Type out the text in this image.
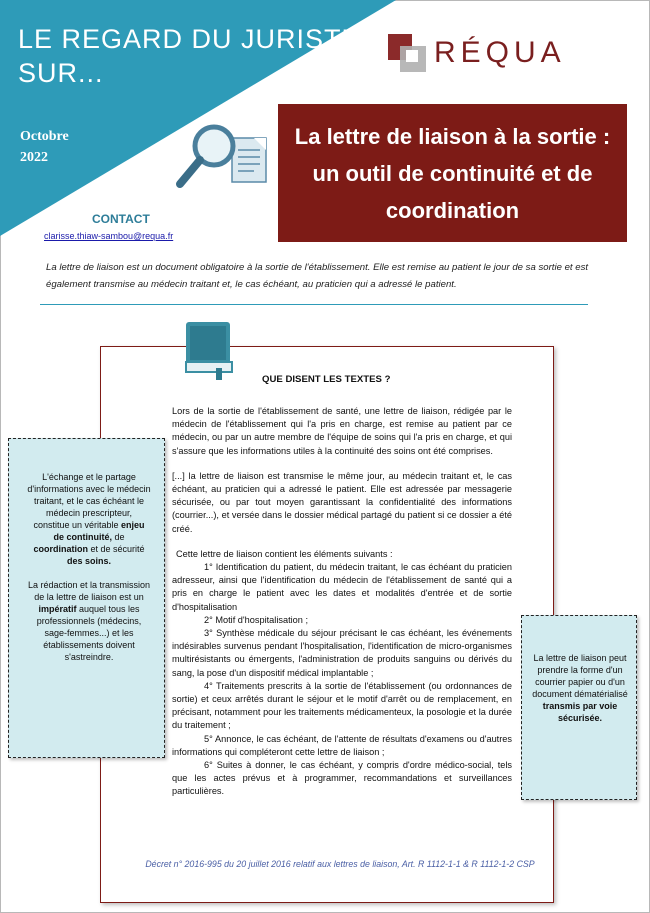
LE REGARD DU JURISTE
SUR...
Octobre
2022
RÉQUA
La lettre de liaison à la sortie : un outil de continuité et de coordination
CONTACT
clarisse.thiaw-sambou@requa.fr
La lettre de liaison est un document obligatoire à la sortie de l'établissement. Elle est remise au patient le jour de sa sortie et est également transmise au médecin traitant et, le cas échéant, au praticien qui a adressé le patient.
QUE DISENT LES TEXTES ?

Lors de la sortie de l'établissement de santé, une lettre de liaison, rédigée par le médecin de l'établissement qui l'a pris en charge, est remise au patient par ce médecin, ou par un autre membre de l'équipe de soins qui l'a pris en charge, et qui s'assure que les informations utiles à la continuité des soins ont été comprises.

[...] la lettre de liaison est transmise le même jour, au médecin traitant et, le cas échéant, au praticien qui a adressé le patient. Elle est adressée par messagerie sécurisée, ou par tout moyen garantissant la confidentialité des informations (courrier...), et versée dans le dossier médical partagé du patient si ce dossier a été créé.

Cette lettre de liaison contient les éléments suivants :

1° Identification du patient, du médecin traitant, le cas échéant du praticien adresseur, ainsi que l'identification du médecin de l'établissement de santé qui a pris en charge le patient avec les dates et modalités d'entrée et de sortie d'hospitalisation

2° Motif d'hospitalisation ;

3° Synthèse médicale du séjour précisant le cas échéant, les événements indésirables survenus pendant l'hospitalisation, l'identification de micro-organismes multirésistants ou émergents, l'administration de produits sanguins ou dérivés du sang, la pose d'un dispositif médical implantable ;

4° Traitements prescrits à la sortie de l'établissement (ou ordonnances de sortie) et ceux arrêtés durant le séjour et le motif d'arrêt ou de remplacement, en précisant, notamment pour les traitements médicamenteux, la posologie et la durée du traitement ;

5° Annonce, le cas échéant, de l'attente de résultats d'examens ou d'autres informations qui compléteront cette lettre de liaison ;

6° Suites à donner, le cas échéant, y compris d'ordre médico-social, tels que les actes prévus et à programmer, recommandations et surveillances particulières.

Décret n° 2016-995 du 20 juillet 2016 relatif aux lettres de liaison, Art. R 1112-1-1 & R 1112-1-2 CSP

L'échange et le partage d'informations avec le médecin traitant, et le cas échéant le médecin prescripteur, constitue un véritable enjeu de continuité, de coordination et de sécurité des soins.

La rédaction et la transmission de la lettre de liaison est un impératif auquel tous les professionnels (médecins, sage-femmes...) et les établissements doivent s'astreindre.	La lettre de liaison peut prendre la forme d'un courrier papier ou d'un document dématérialisé transmis par voie sécurisée.
